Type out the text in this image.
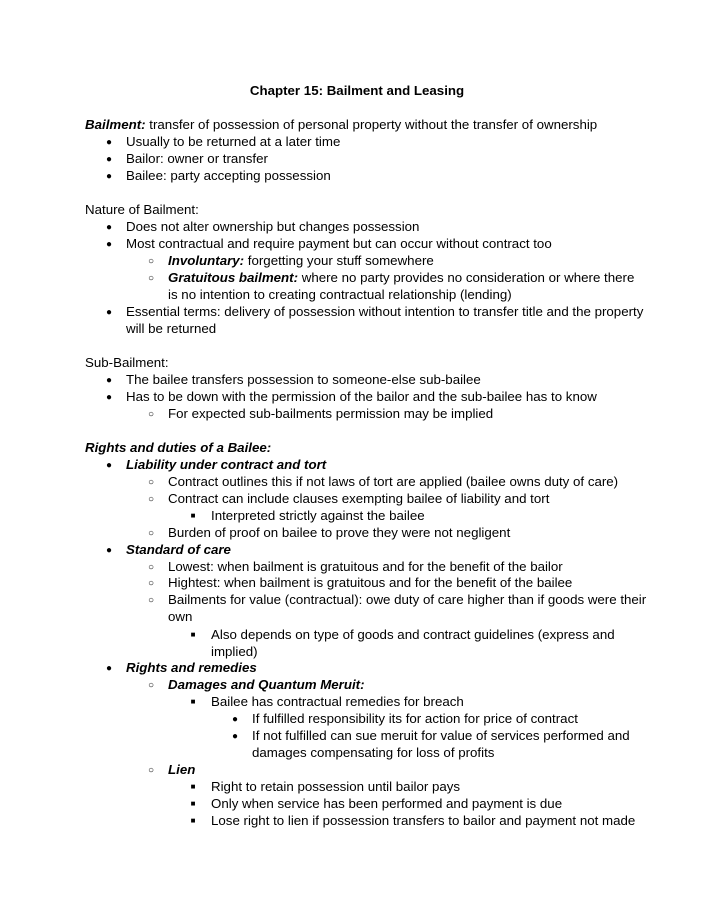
Chapter 15: Bailment and Leasing
Bailment: transfer of possession of personal property without the transfer of ownership
●
Usually to be returned at a later time
●
Bailor: owner or transfer
●
Bailee: party accepting possession
Nature of Bailment:
●
Does not alter ownership but changes possession
●
Most contractual and require payment but can occur without contract too
○
Involuntary: forgetting your stuff somewhere
○
Gratuitous bailment: where no party provides no consideration or where there
is no intention to creating contractual relationship (lending)
●
Essential terms: delivery of possession without intention to transfer title and the property
will be returned
Sub-Bailment:
●
The bailee transfers possession to someone-else sub-bailee
●
Has to be down with the permission of the bailor and the sub-bailee has to know
○
For expected sub-bailments permission may be implied
Rights and duties of a Bailee:
●
Liability under contract and tort
○
Contract outlines this if not laws of tort are applied (bailee owns duty of care)
○
Contract can include clauses exempting bailee of liability and tort
■
Interpreted strictly against the bailee
○
Burden of proof on bailee to prove they were not negligent
●
Standard of care
○
Lowest: when bailment is gratuitous and for the benefit of the bailor
○
Hightest: when bailment is gratuitous and for the benefit of the bailee
○
Bailments for value (contractual): owe duty of care higher than if goods were their
own
■
Also depends on type of goods and contract guidelines (express and
implied)
●
Rights and remedies
○
Damages and Quantum Meruit:
■
Bailee has contractual remedies for breach
●
If fulfilled responsibility its for action for price of contract
●
If not fulfilled can sue meruit for value of services performed and
damages compensating for loss of profits
○
Lien
■
Right to retain possession until bailor pays
■
Only when service has been performed and payment is due
■
Lose right to lien if possession transfers to bailor and payment not made
